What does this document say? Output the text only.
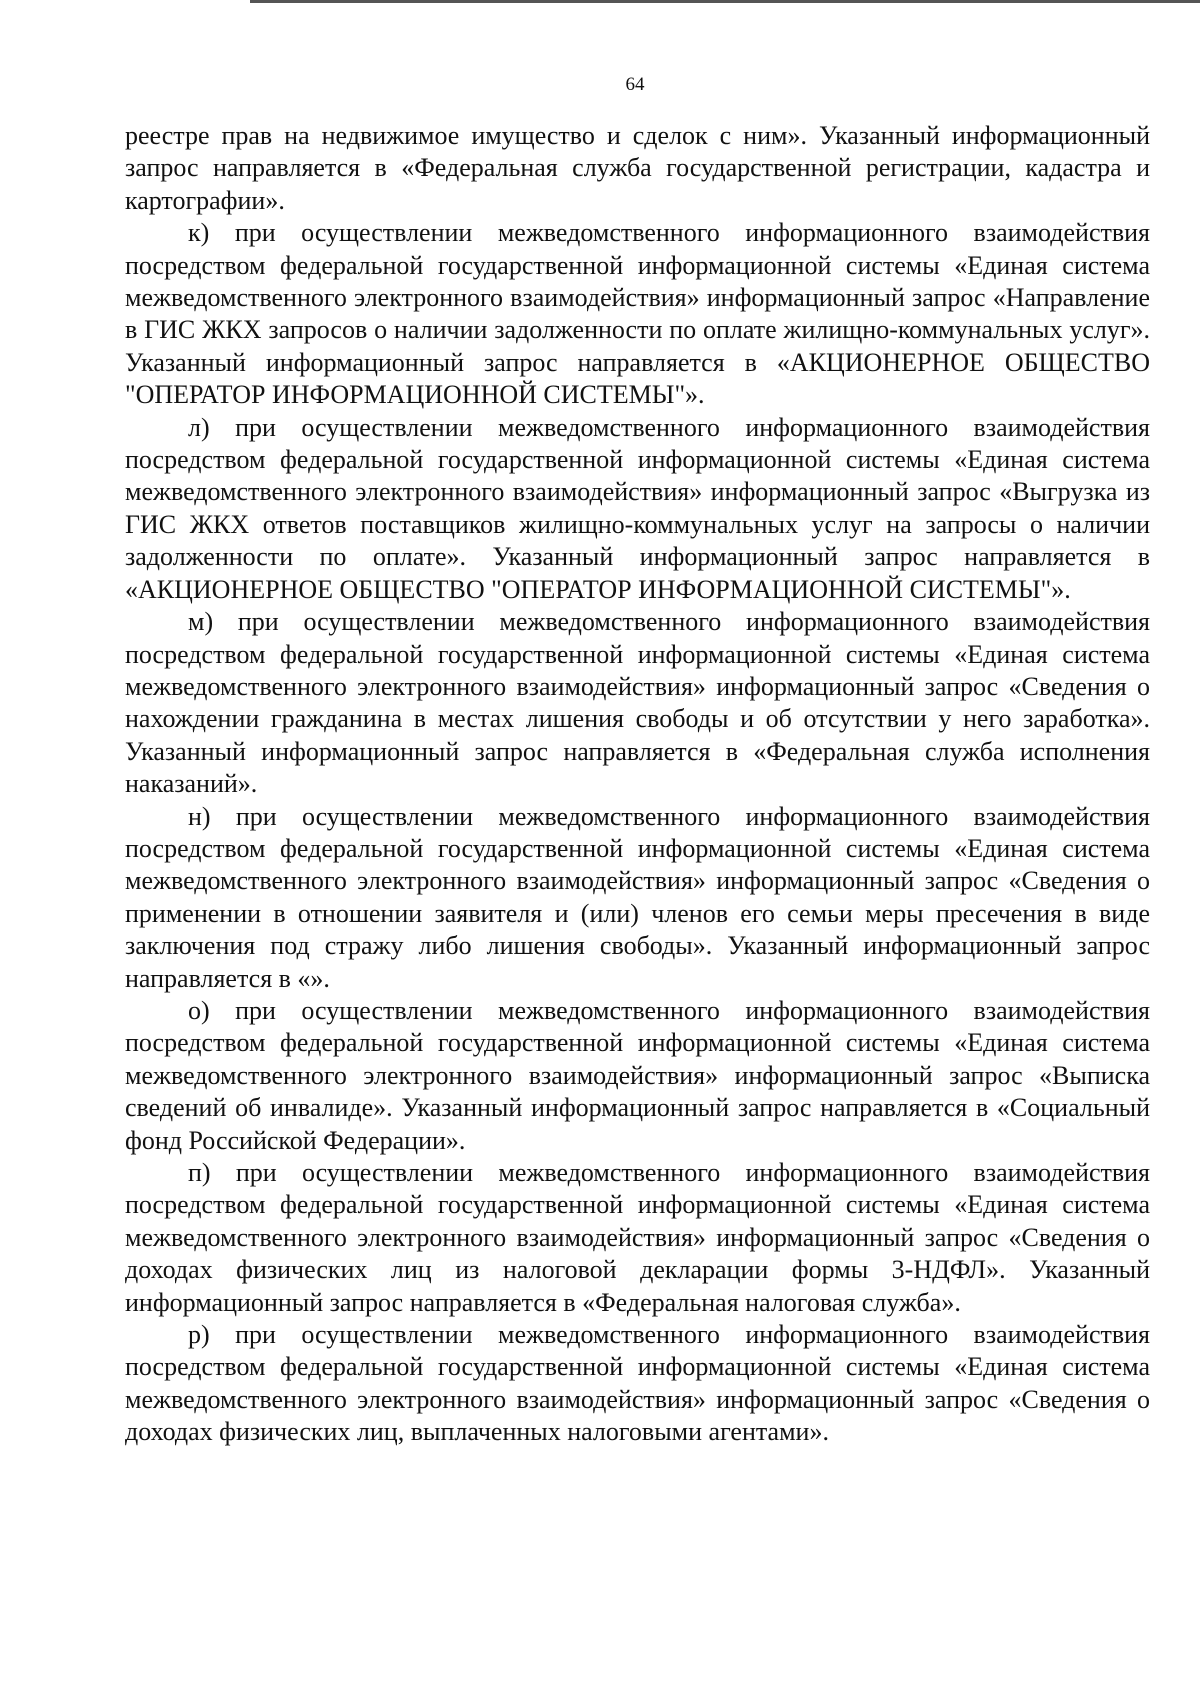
64

реестре прав на недвижимое имущество и сделок с ним». Указанный информационный запрос направляется в «Федеральная служба государственной регистрации, кадастра и картографии».

к) при осуществлении межведомственного информационного взаимодействия посредством федеральной государственной информационной системы «Единая система межведомственного электронного взаимодействия» информационный запрос «Направление в ГИС ЖКХ запросов о наличии задолженности по оплате жилищно-коммунальных услуг». Указанный информационный запрос направляется в «АКЦИОНЕРНОЕ ОБЩЕСТВО "ОПЕРАТОР ИНФОРМАЦИОННОЙ СИСТЕМЫ"».

л) при осуществлении межведомственного информационного взаимодействия посредством федеральной государственной информационной системы «Единая система межведомственного электронного взаимодействия» информационный запрос «Выгрузка из ГИС ЖКХ ответов поставщиков жилищно-коммунальных услуг на запросы о наличии задолженности по оплате». Указанный информационный запрос направляется в «АКЦИОНЕРНОЕ ОБЩЕСТВО "ОПЕРАТОР ИНФОРМАЦИОННОЙ СИСТЕМЫ"».

м) при осуществлении межведомственного информационного взаимодействия посредством федеральной государственной информационной системы «Единая система межведомственного электронного взаимодействия» информационный запрос «Сведения о нахождении гражданина в местах лишения свободы и об отсутствии у него заработка». Указанный информационный запрос направляется в «Федеральная служба исполнения наказаний».

н) при осуществлении межведомственного информационного взаимодействия посредством федеральной государственной информационной системы «Единая система межведомственного электронного взаимодействия» информационный запрос «Сведения о применении в отношении заявителя и (или) членов его семьи меры пресечения в виде заключения под стражу либо лишения свободы». Указанный информационный запрос направляется в «».

о) при осуществлении межведомственного информационного взаимодействия посредством федеральной государственной информационной системы «Единая система межведомственного электронного взаимодействия» информационный запрос «Выписка сведений об инвалиде». Указанный информационный запрос направляется в «Социальный фонд Российской Федерации».

п) при осуществлении межведомственного информационного взаимодействия посредством федеральной государственной информационной системы «Единая система межведомственного электронного взаимодействия» информационный запрос «Сведения о доходах физических лиц из налоговой декларации формы 3-НДФЛ». Указанный информационный запрос направляется в «Федеральная налоговая служба».

р) при осуществлении межведомственного информационного взаимодействия посредством федеральной государственной информационной системы «Единая система межведомственного электронного взаимодействия» информационный запрос «Сведения о доходах физических лиц, выплаченных налоговыми агентами».
